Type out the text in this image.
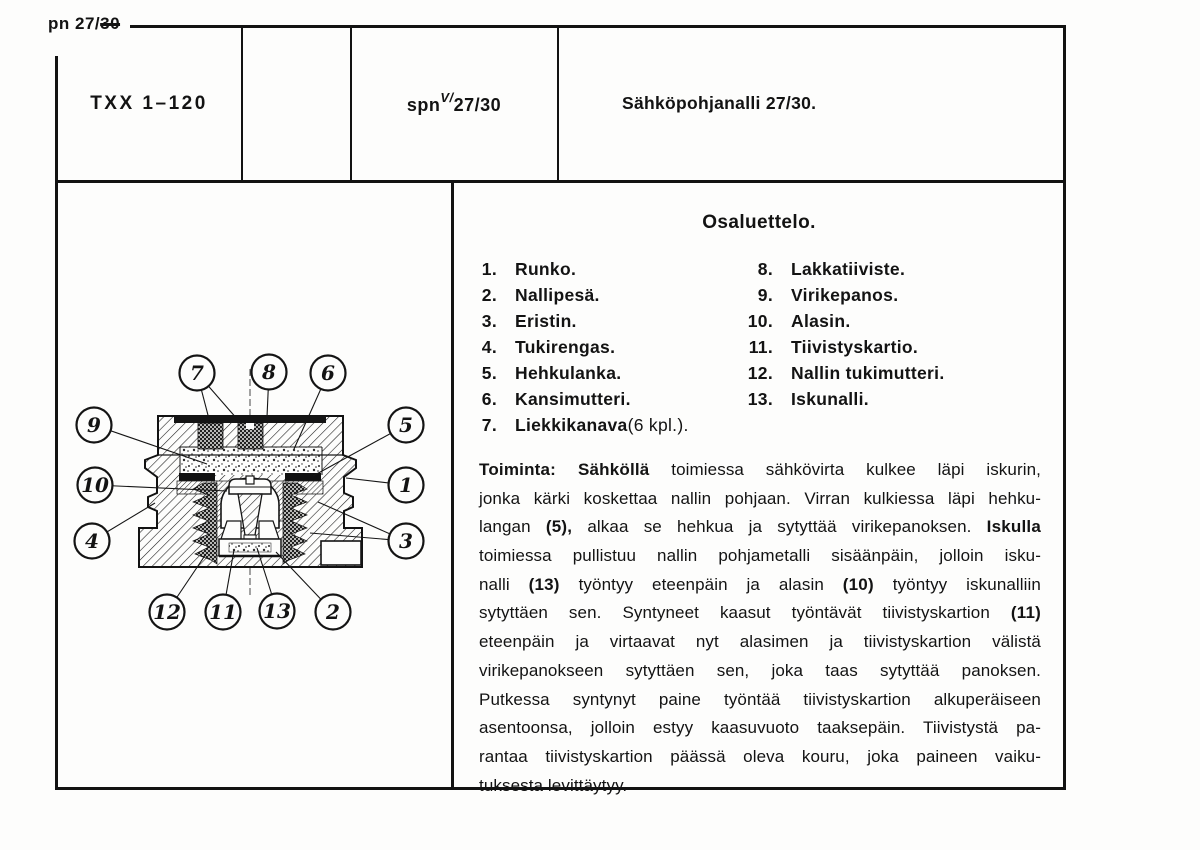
pn 27/30
TXX 1–120	spn$^{V/}$27/30	Sähköpohjanalli 27/30.
Osaluettelo.
1. Runko.
2. Nallipesä.
3. Eristin.
4. Tukirengas.
5. Hehkulanka.
6. Kansimutteri.
7. Liekkikanava (6 kpl.).
8. Lakkatiiviste.
9. Virikepanos.
10. Alasin.
11. Tiivistyskartio.
12. Nallin tukimutteri.
13. Iskunalli.
Toiminta: Sähköllä toimiessa sähkövirta kulkee läpi iskurin,
jonka kärki koskettaa nallin pohjaan. Virran kulkiessa läpi hehku-
langan (5), alkaa se hehkua ja sytyttää virikepanoksen. Iskulla
toimiessa pullistuu nallin pohjametalli sisäänpäin, jolloin isku-
nalli (13) työntyy eteenpäin ja alasin (10) työntyy iskunalliin
sytyttäen sen. Syntyneet kaasut työntävät tiivistyskartion (11)
eteenpäin ja virtaavat nyt alasimen ja tiivistyskartion välistä
virikepanokseen sytyttäen sen, joka taas sytyttää panoksen.
Putkessa syntynyt paine työntää tiivistyskartion alkuperäiseen
asentoonsa, jolloin estyy kaasuvuoto taaksepäin. Tiivistystä pa-
rantaa tiivistyskartion päässä oleva kouru, joka paineen vaiku-
tuksesta levittäytyy.
7	8 6
9	5
10	1
4	3
12 11 13 2
